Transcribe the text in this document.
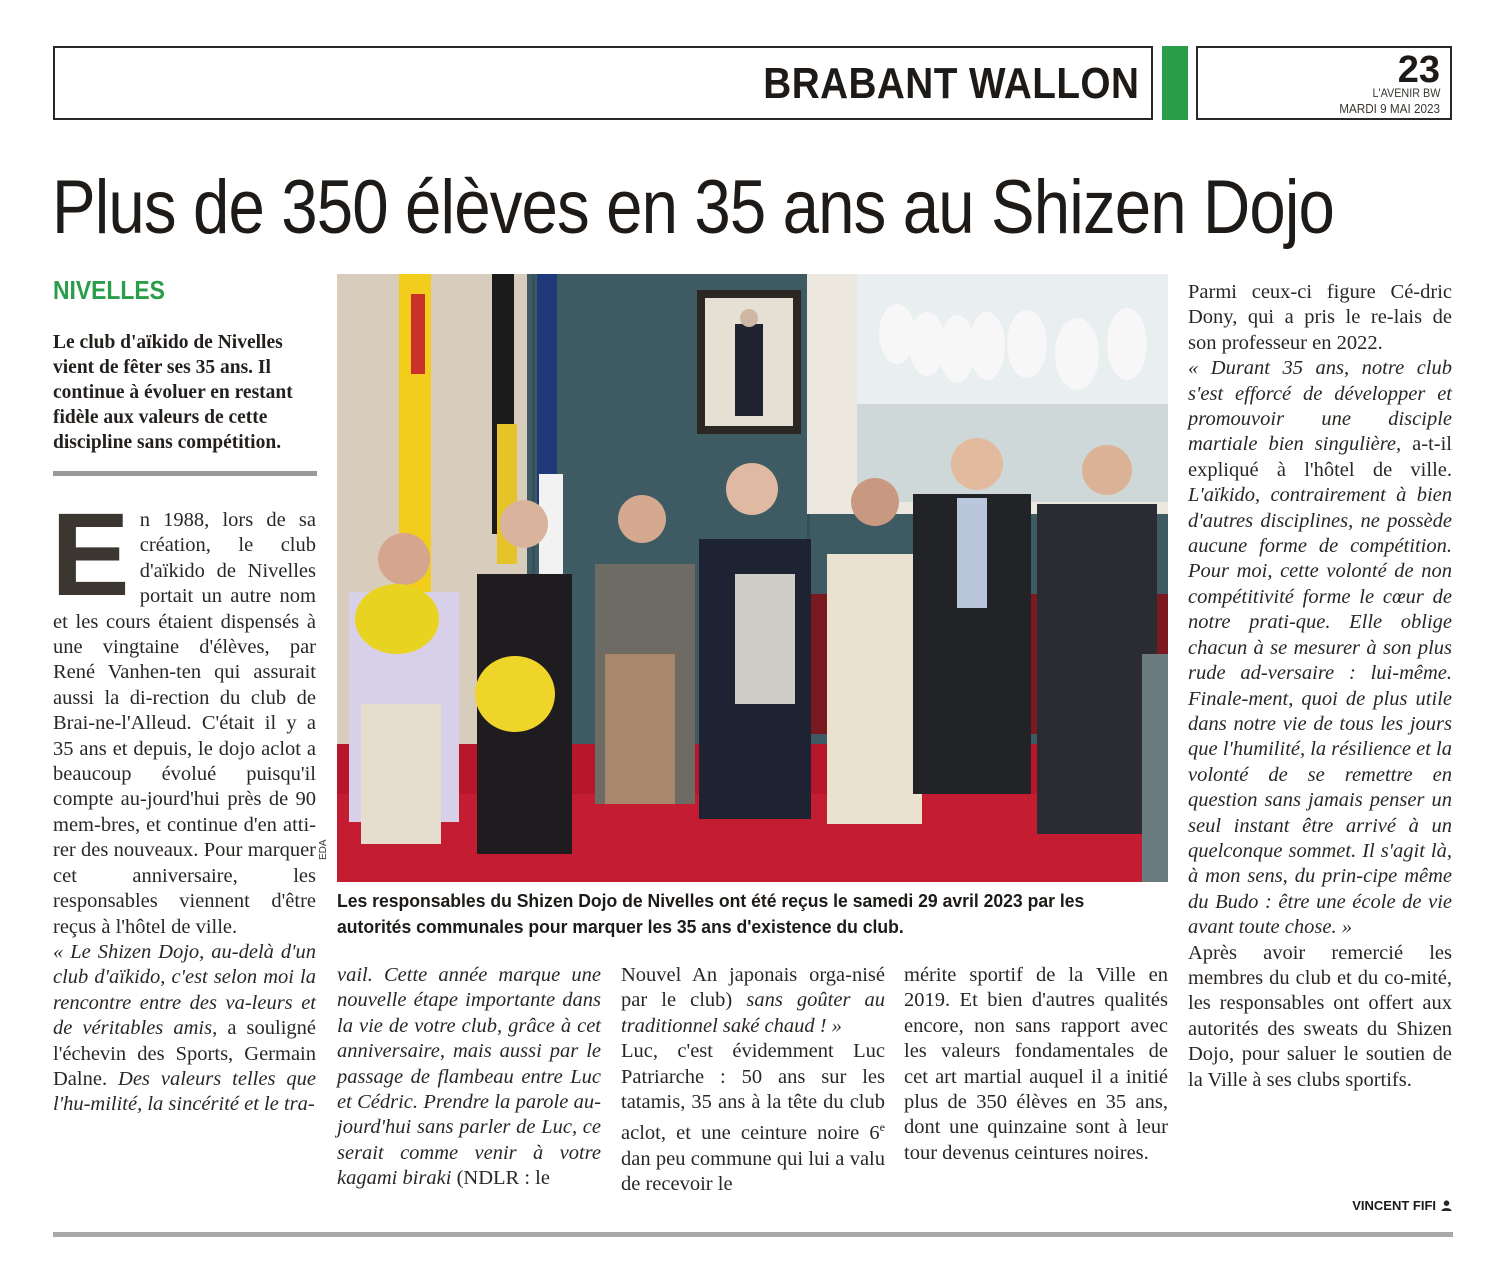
BRABANT WALLON	23
L'AVENIR BW
MARDI 9 MAI 2023
Plus de 350 élèves en 35 ans au Shizen Dojo
NIVELLES
Le club d'aïkido de Nivelles vient de fêter ses 35 ans. Il continue à évoluer en restant fidèle aux valeurs de cette discipline sans compétition.

En 1988, lors de sa création, le club d'aïkido de Nivelles portait un autre nom et les cours étaient dispensés à une vingtaine d'élèves, par René Vanhen-ten qui assurait aussi la di-rection du club de Brai-ne-l'Alleud. C'était il y a 35 ans et depuis, le dojo aclot a beaucoup évolué puisqu'il compte au-jourd'hui près de 90 mem-bres, et continue d'en atti-rer des nouveaux. Pour marquer cet anniversaire, les responsables viennent d'être reçus à l'hôtel de ville.

« Le Shizen Dojo, au-delà d'un club d'aïkido, c'est selon moi la rencontre entre des va-leurs et de véritables amis, a souligné l'échevin des Sports, Germain Dalne. Des valeurs telles que l'hu-milité, la sincérité et le tra-

EDA
Les responsables du Shizen Dojo de Nivelles ont été reçus le samedi 29 avril 2023 par les autorités communales pour marquer les 35 ans d'existence du club.

vail. Cette année marque une nouvelle étape importante dans la vie de votre club, grâce à cet anniversaire, mais aussi par le passage de flambeau entre Luc et Cédric. Prendre la parole au-jourd'hui sans parler de Luc, ce serait comme venir à votre kagami biraki (NDLR : le

Nouvel An japonais orga-nisé par le club) sans goûter au traditionnel saké chaud ! »

Luc, c'est évidemment Luc Patriarche : 50 ans sur les tatamis, 35 ans à la tête du club aclot, et une ceinture noire 6e dan peu commune qui lui a valu de recevoir le

mérite sportif de la Ville en 2019. Et bien d'autres qualités encore, non sans rapport avec les valeurs fondamentales de cet art martial auquel il a initié plus de 350 élèves en 35 ans, dont une quinzaine sont à leur tour devenus ceintures noires.

Parmi ceux-ci figure Cé-dric Dony, qui a pris le re-lais de son professeur en 2022.

« Durant 35 ans, notre club s'est efforcé de développer et promouvoir une disciple martiale bien singulière, a-t-il expliqué à l'hôtel de ville. L'aïkido, contrairement à bien d'autres disciplines, ne possède aucune forme de compétition. Pour moi, cette volonté de non compétitivité forme le cœur de notre prati-que. Elle oblige chacun à se mesurer à son plus rude ad-versaire : lui-même. Finale-ment, quoi de plus utile dans notre vie de tous les jours que l'humilité, la résilience et la volonté de se remettre en question sans jamais penser un seul instant être arrivé à un quelconque sommet. Il s'agit là, à mon sens, du prin-cipe même du Budo : être une école de vie avant toute chose. »

Après avoir remercié les membres du club et du co-mité, les responsables ont offert aux autorités des sweats du Shizen Dojo, pour saluer le soutien de la Ville à ses clubs sportifs.

VINCENT FIFI
